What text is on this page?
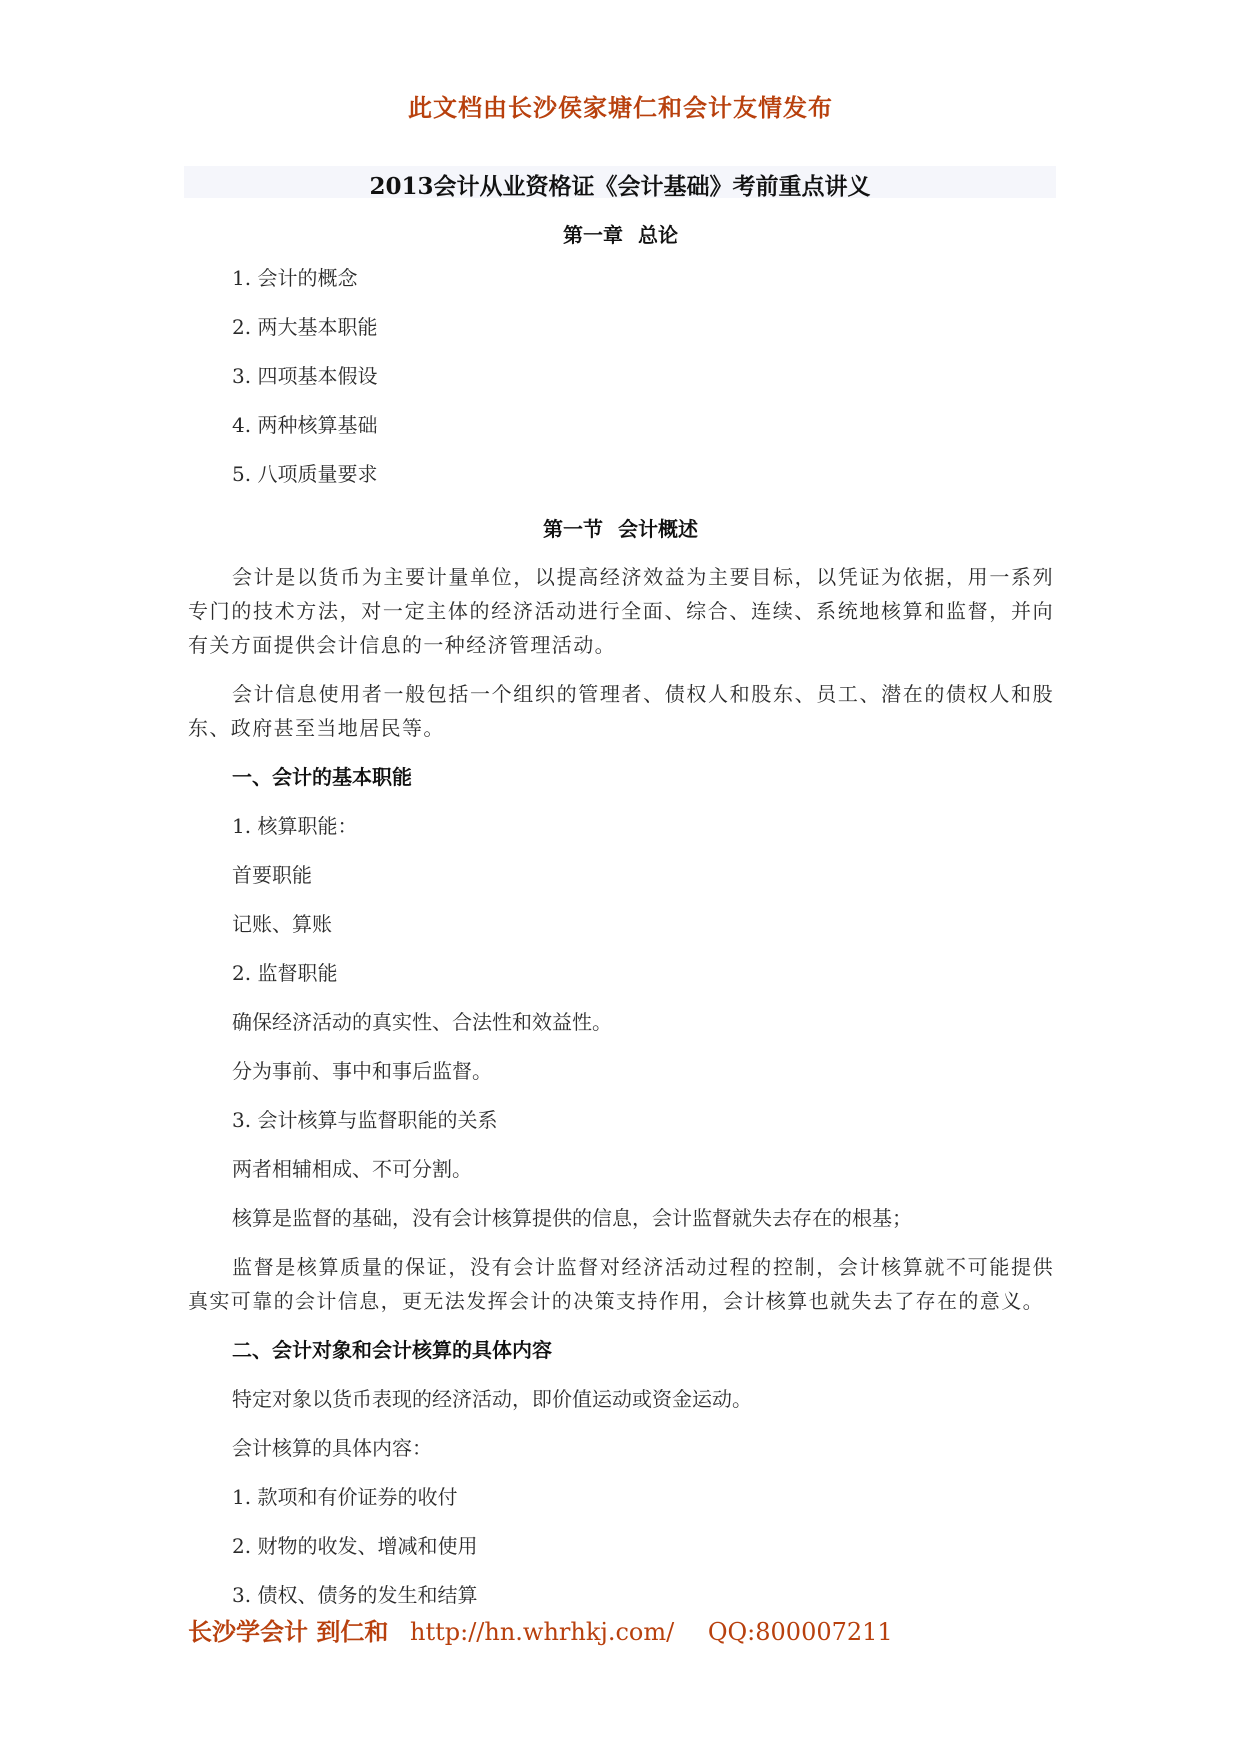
此文档由长沙侯家塘仁和会计友情发布
2013会计从业资格证《会计基础》考前重点讲义
第一章 总论
1. 会计的概念
2. 两大基本职能
3. 四项基本假设
4. 两种核算基础
5. 八项质量要求
第一节 会计概述

会计是以货币为主要计量单位，以提高经济效益为主要目标，以凭证为依据，用一系列专门的技术方法，对一定主体的经济活动进行全面、综合、连续、系统地核算和监督，并向有关方面提供会计信息的一种经济管理活动。

会计信息使用者一般包括一个组织的管理者、债权人和股东、员工、潜在的债权人和股东、政府甚至当地居民等。

一、会计的基本职能
1. 核算职能：
首要职能
记账、算账
2. 监督职能
确保经济活动的真实性、合法性和效益性。
分为事前、事中和事后监督。
3. 会计核算与监督职能的关系
两者相辅相成、不可分割。
核算是监督的基础，没有会计核算提供的信息，会计监督就失去存在的根基；

监督是核算质量的保证，没有会计监督对经济活动过程的控制，会计核算就不可能提供真实可靠的会计信息，更无法发挥会计的决策支持作用，会计核算也就失去了存在的意义。

二、会计对象和会计核算的具体内容
特定对象以货币表现的经济活动，即价值运动或资金运动。
会计核算的具体内容：
1. 款项和有价证券的收付
2. 财物的收发、增减和使用
3. 债权、债务的发生和结算
长沙学会计 到仁和 http://hn.whrhkj.com/ QQ:800007211
